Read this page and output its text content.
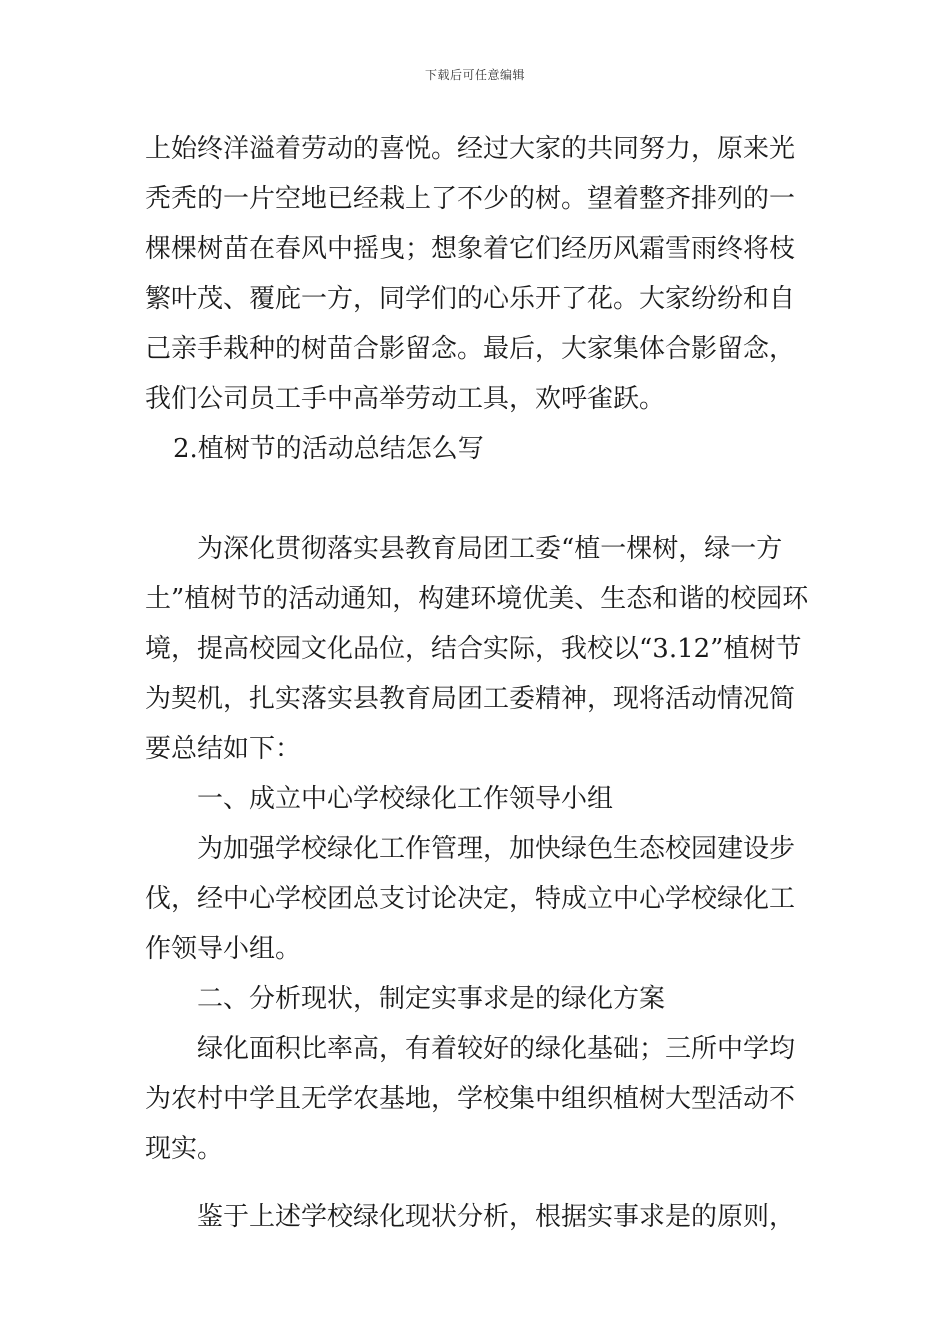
下载后可任意编辑

上始终洋溢着劳动的喜悦。经过大家的共同努力，原来光秃秃的一片空地已经栽上了不少的树。望着整齐排列的一棵棵树苗在春风中摇曳；想象着它们经历风霜雪雨终将枝繁叶茂、覆庇一方，同学们的心乐开了花。大家纷纷和自己亲手栽种的树苗合影留念。最后，大家集体合影留念，我们公司员工手中高举劳动工具，欢呼雀跃。

2.植树节的活动总结怎么写

为深化贯彻落实县教育局团工委“植一棵树，绿一方土”植树节的活动通知，构建环境优美、生态和谐的校园环境，提高校园文化品位，结合实际，我校以“3.12”植树节为契机，扎实落实县教育局团工委精神，现将活动情况简要总结如下：

一、成立中心学校绿化工作领导小组

为加强学校绿化工作管理，加快绿色生态校园建设步伐，经中心学校团总支讨论决定，特成立中心学校绿化工作领导小组。

二、分析现状，制定实事求是的绿化方案

绿化面积比率高，有着较好的绿化基础；三所中学均为农村中学且无学农基地，学校集中组织植树大型活动不现实。

鉴于上述学校绿化现状分析，根据实事求是的原则，
